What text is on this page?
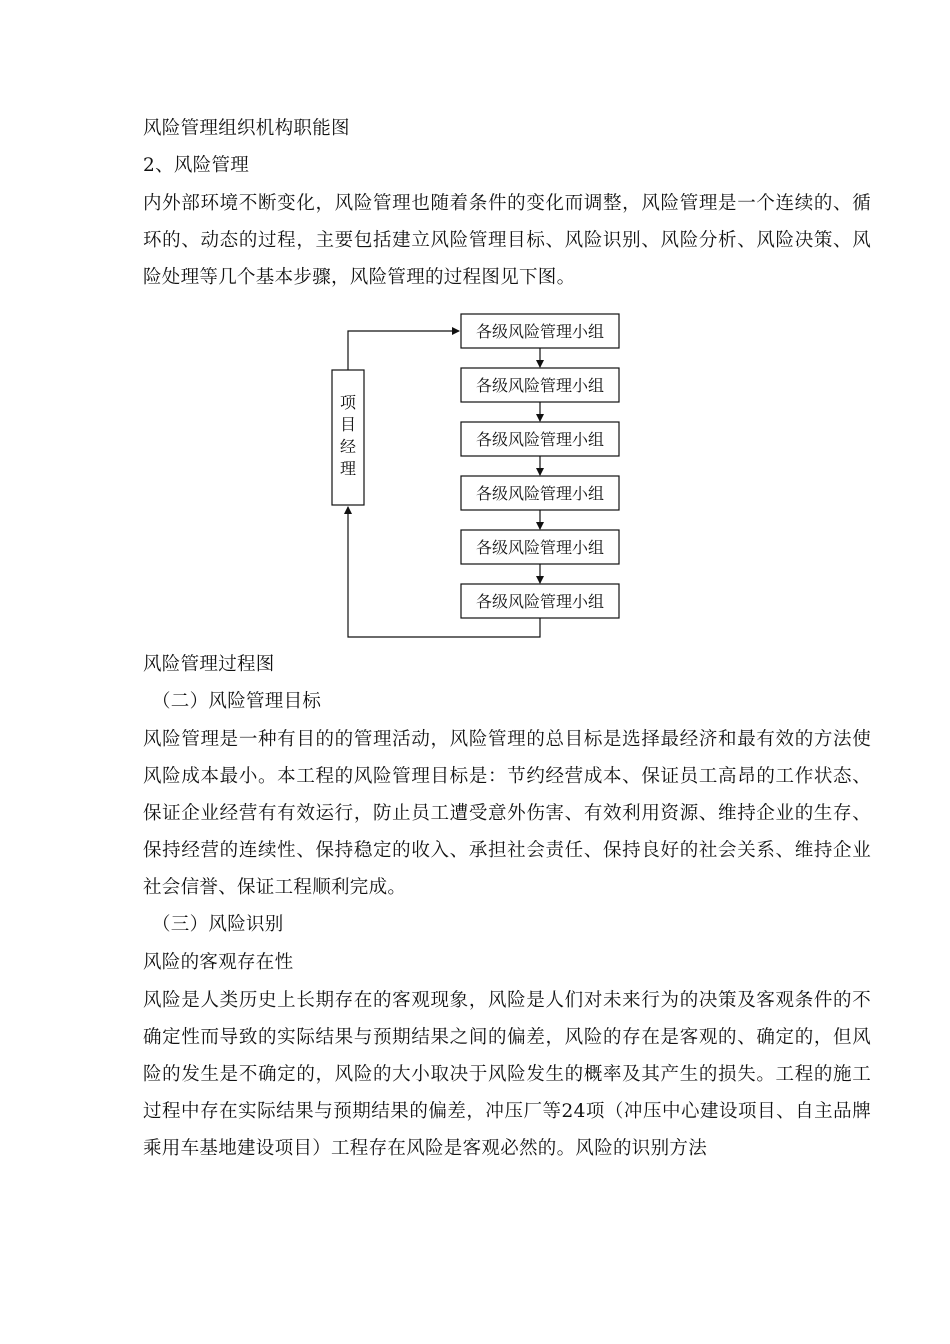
风险管理组织机构职能图
2、风险管理
内外部环境不断变化，风险管理也随着条件的变化而调整，风险管理是一个连续的、循环的、动态的过程，主要包括建立风险管理目标、风险识别、风险分析、风险决策、风险处理等几个基本步骤，风险管理的过程图见下图。
项
目
经
理
各级风险管理小组
各级风险管理小组
各级风险管理小组
各级风险管理小组
各级风险管理小组
各级风险管理小组
风险管理过程图
（二）风险管理目标
风险管理是一种有目的的管理活动，风险管理的总目标是选择最经济和最有效的方法使风险成本最小。本工程的风险管理目标是：节约经营成本、保证员工高昂的工作状态、保证企业经营有有效运行，防止员工遭受意外伤害、有效利用资源、维持企业的生存、保持经营的连续性、保持稳定的收入、承担社会责任、保持良好的社会关系、维持企业社会信誉、保证工程顺利完成。
（三）风险识别
风险的客观存在性
风险是人类历史上长期存在的客观现象，风险是人们对未来行为的决策及客观条件的不确定性而导致的实际结果与预期结果之间的偏差，风险的存在是客观的、确定的，但风险的发生是不确定的，风险的大小取决于风险发生的概率及其产生的损失。工程的施工过程中存在实际结果与预期结果的偏差，冲压厂等24项（冲压中心建设项目、自主品牌乘用车基地建设项目）工程存在风险是客观必然的。风险的识别方法
